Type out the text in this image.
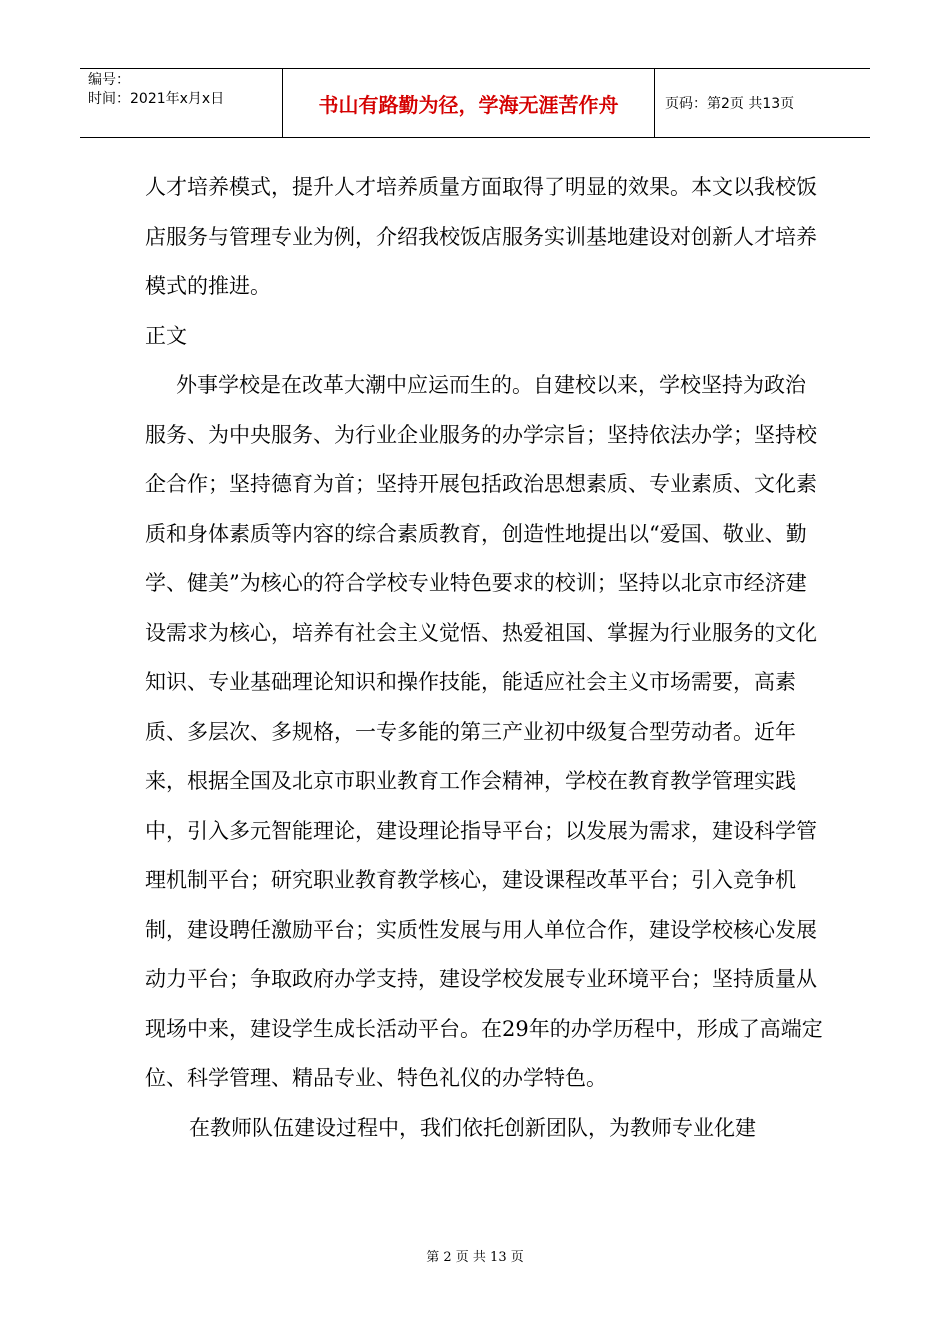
编号：
时间：2021年x月x日	书山有路勤为径，学海无涯苦作舟	页码：第2页 共13页

人才培养模式，提升人才培养质量方面取得了明显的效果。本文以我校饭店服务与管理专业为例，介绍我校饭店服务实训基地建设对创新人才培养模式的推进。

正文

外事学校是在改革大潮中应运而生的。自建校以来，学校坚持为政治服务、为中央服务、为行业企业服务的办学宗旨；坚持依法办学；坚持校企合作；坚持德育为首；坚持开展包括政治思想素质、专业素质、文化素质和身体素质等内容的综合素质教育，创造性地提出以“爱国、敬业、勤学、健美”为核心的符合学校专业特色要求的校训；坚持以北京市经济建设需求为核心，培养有社会主义觉悟、热爱祖国、掌握为行业服务的文化知识、专业基础理论知识和操作技能，能适应社会主义市场需要，高素质、多层次、多规格，一专多能的第三产业初中级复合型劳动者。近年来，根据全国及北京市职业教育工作会精神，学校在教育教学管理实践中，引入多元智能理论，建设理论指导平台；以发展为需求，建设科学管理机制平台；研究职业教育教学核心，建设课程改革平台；引入竞争机制，建设聘任激励平台；实质性发展与用人单位合作，建设学校核心发展动力平台；争取政府办学支持，建设学校发展专业环境平台；坚持质量从现场中来，建设学生成长活动平台。在29年的办学历程中，形成了高端定位、科学管理、精品专业、特色礼仪的办学特色。

在教师队伍建设过程中，我们依托创新团队，为教师专业化建

第 2 页 共 13 页
